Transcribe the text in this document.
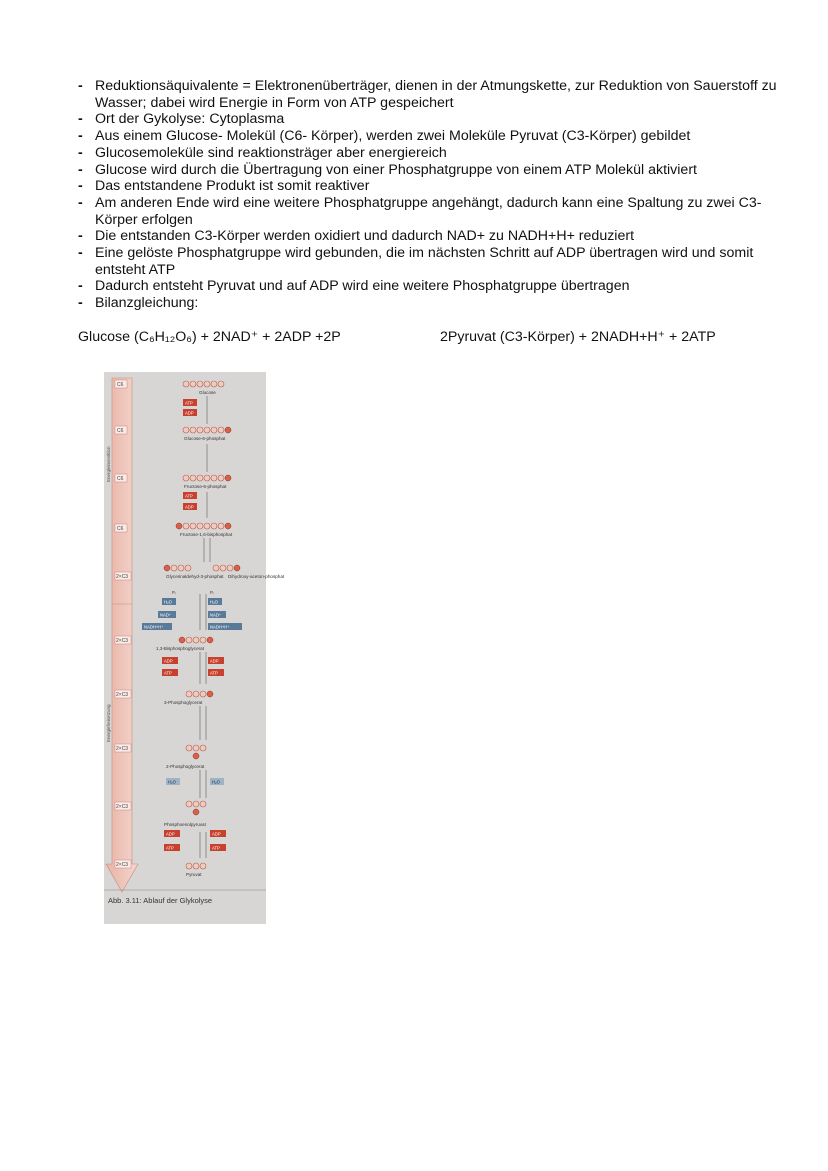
- Reduktionsäquivalente = Elektronenüberträger, dienen in der Atmungskette, zur Reduktion von Sauerstoff zu Wasser; dabei wird Energie in Form von ATP gespeichert

- Ort der Gykolyse: Cytoplasma

- Aus einem Glucose- Molekül (C6- Körper), werden zwei Moleküle Pyruvat (C3-Körper) gebildet

- Glucosemoleküle sind reaktionsträger aber energiereich

- Glucose wird durch die Übertragung von einer Phosphatgruppe von einem ATP Molekül aktiviert

- Das entstandene Produkt ist somit reaktiver

- Am anderen Ende wird eine weitere Phosphatgruppe angehängt, dadurch kann eine Spaltung zu zwei C3-Körper erfolgen

- Die entstanden C3-Körper werden oxidiert und dadurch NAD+ zu NADH+H+ reduziert

- Eine gelöste Phosphatgruppe wird gebunden, die im nächsten Schritt auf ADP übertragen wird und somit entsteht ATP

- Dadurch entsteht Pyruvat und auf ADP wird eine weitere Phosphatgruppe übertragen

- Bilanzgleichung:

Glucose (C₆H₁₂O₆) + 2NAD⁺ + 2ADP +2P	2Pyruvat (C3-Körper) + 2NADH+H⁺ + 2ATP
Energieinvestition
Energiefreisetzung
C6
C6
C6
C6
2×C3
2×C3
2×C3
2×C3
2×C3
2×C3
Glucose
Glucose-6-phosphat
Fructose-6-phosphat
Fructose-1,6-bisphosphat
Glycerinaldehyd-3-phosphat Dihydroxy-aceton-phosphat
1,3-Bisphosphoglycerat
3-Phosphoglycerat
2-Phosphoglycerat
Phosphoenolpyruvat
Pyruvat
ATP
ADP
ATP
ADP
ADP
ATP
ADP
ATP
ADP
ATP
ADP
ATP
Pᵢ	Pᵢ
H₂O	H₂O
NAD⁺	NAD⁺
NADH+H⁺	NADH+H⁺
H₂O	H₂O
Abb. 3.11: Ablauf der Glykolyse
